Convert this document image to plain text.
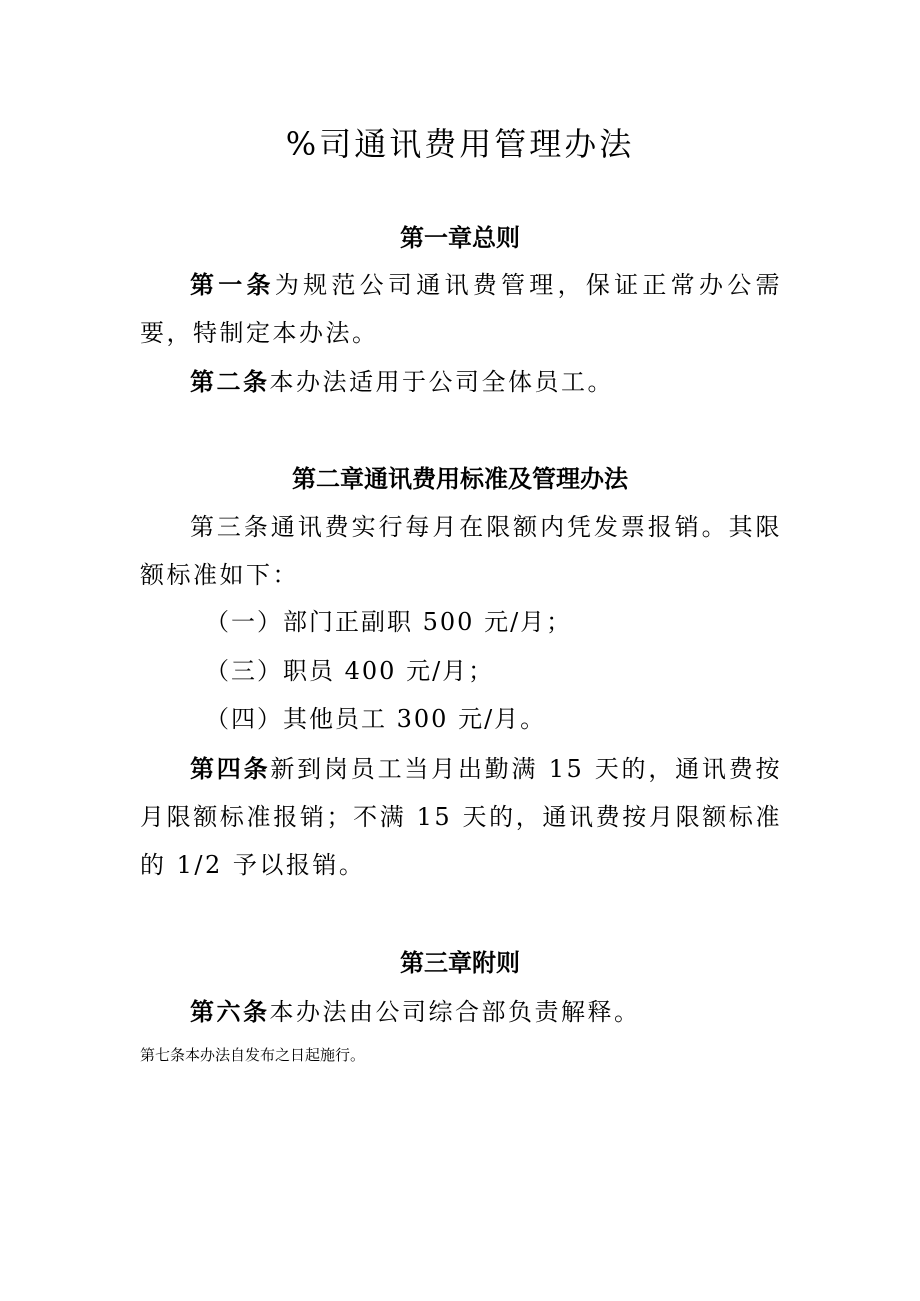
%司通讯费用管理办法
第一章总则
第一条为规范公司通讯费管理，保证正常办公需要，特制定本办法。
第二条本办法适用于公司全体员工。
第二章通讯费用标准及管理办法
第三条通讯费实行每月在限额内凭发票报销。其限额标准如下：
（一）部门正副职 500 元/月；
（三）职员 400 元/月；
（四）其他员工 300 元/月。
第四条新到岗员工当月出勤满 15 天的，通讯费按月限额标准报销；不满 15 天的，通讯费按月限额标准的 1/2 予以报销。
第三章附则
第六条本办法由公司综合部负责解释。
第七条本办法自发布之日起施行。
